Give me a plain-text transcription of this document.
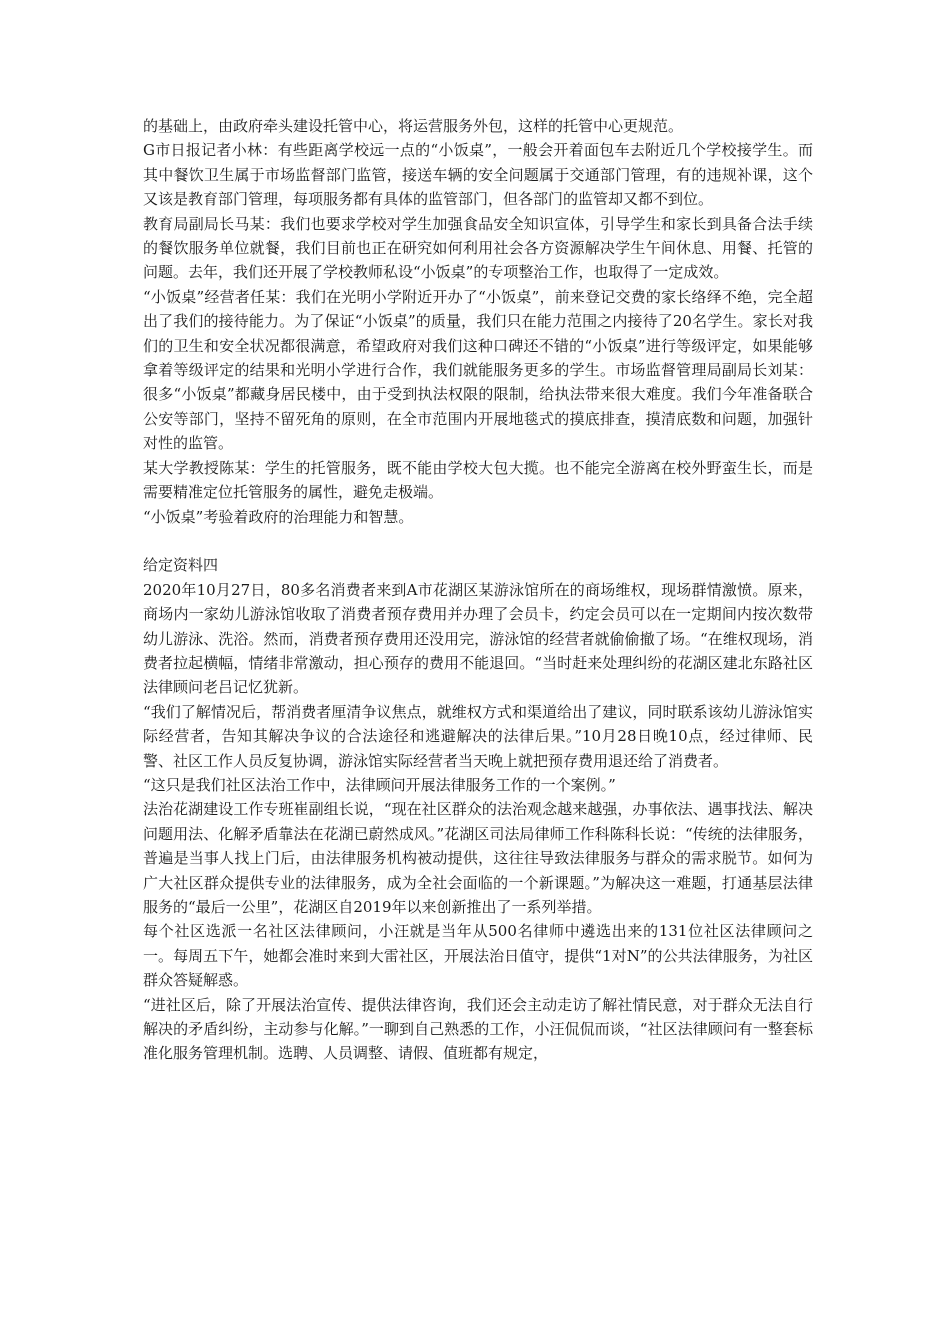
的基础上，由政府牵头建设托管中心，将运营服务外包，这样的托管中心更规范。

G市日报记者小林：有些距离学校远一点的“小饭桌”，一般会开着面包车去附近几个学校接学生。而其中餐饮卫生属于市场监督部门监管，接送车辆的安全问题属于交通部门管理，有的违规补课，这个又该是教育部门管理，每项服务都有具体的监管部门，但各部门的监管却又都不到位。

教育局副局长马某：我们也要求学校对学生加强食品安全知识宣体，引导学生和家长到具备合法手续的餐饮服务单位就餐，我们目前也正在研究如何利用社会各方资源解决学生午间休息、用餐、托管的问题。去年，我们还开展了学校教师私设“小饭桌”的专项整治工作，也取得了一定成效。

“小饭桌”经营者任某：我们在光明小学附近开办了“小饭桌”，前来登记交费的家长络绎不绝，完全超出了我们的接待能力。为了保证“小饭桌”的质量，我们只在能力范围之内接待了20名学生。家长对我们的卫生和安全状况都很满意，希望政府对我们这种口碑还不错的“小饭桌”进行等级评定，如果能够拿着等级评定的结果和光明小学进行合作，我们就能服务更多的学生。市场监督管理局副局长刘某：很多“小饭桌”都藏身居民楼中，由于受到执法权限的限制，给执法带来很大难度。我们今年准备联合公安等部门，坚持不留死角的原则，在全市范围内开展地毯式的摸底排查，摸清底数和问题，加强针对性的监管。

某大学教授陈某：学生的托管服务，既不能由学校大包大揽。也不能完全游离在校外野蛮生长，而是需要精准定位托管服务的属性，避免走极端。

“小饭桌”考验着政府的治理能力和智慧。

给定资料四

2020年10月27日，80多名消费者来到A市花湖区某游泳馆所在的商场维权，现场群情激愤。原来，商场内一家幼儿游泳馆收取了消费者预存费用并办理了会员卡，约定会员可以在一定期间内按次数带幼儿游泳、洗浴。然而，消费者预存费用还没用完，游泳馆的经营者就偷偷撤了场。“在维权现场，消费者拉起横幅，情绪非常激动，担心预存的费用不能退回。“当时赶来处理纠纷的花湖区建北东路社区法律顾问老吕记忆犹新。

“我们了解情况后，帮消费者厘清争议焦点，就维权方式和渠道给出了建议，同时联系该幼儿游泳馆实际经营者，告知其解决争议的合法途径和逃避解决的法律后果。”10月28日晚10点，经过律师、民警、社区工作人员反复协调，游泳馆实际经营者当天晚上就把预存费用退还给了消费者。

“这只是我们社区法治工作中，法律顾问开展法律服务工作的一个案例。”

法治花湖建设工作专班崔副组长说，“现在社区群众的法治观念越来越强，办事依法、遇事找法、解决问题用法、化解矛盾靠法在花湖已蔚然成风。”花湖区司法局律师工作科陈科长说：“传统的法律服务，普遍是当事人找上门后，由法律服务机构被动提供，这往往导致法律服务与群众的需求脱节。如何为广大社区群众提供专业的法律服务，成为全社会面临的一个新课题。”为解决这一难题，打通基层法律服务的“最后一公里”，花湖区自2019年以来创新推出了一系列举措。

每个社区选派一名社区法律顾问，小汪就是当年从500名律师中遴选出来的131位社区法律顾问之一。每周五下午，她都会准时来到大雷社区，开展法治日值守，提供“1对N”的公共法律服务，为社区群众答疑解惑。

“进社区后，除了开展法治宣传、提供法律咨询，我们还会主动走访了解社情民意，对于群众无法自行解决的矛盾纠纷，主动参与化解。”一聊到自己熟悉的工作，小汪侃侃而谈，“社区法律顾问有一整套标准化服务管理机制。选聘、人员调整、请假、值班都有规定，
